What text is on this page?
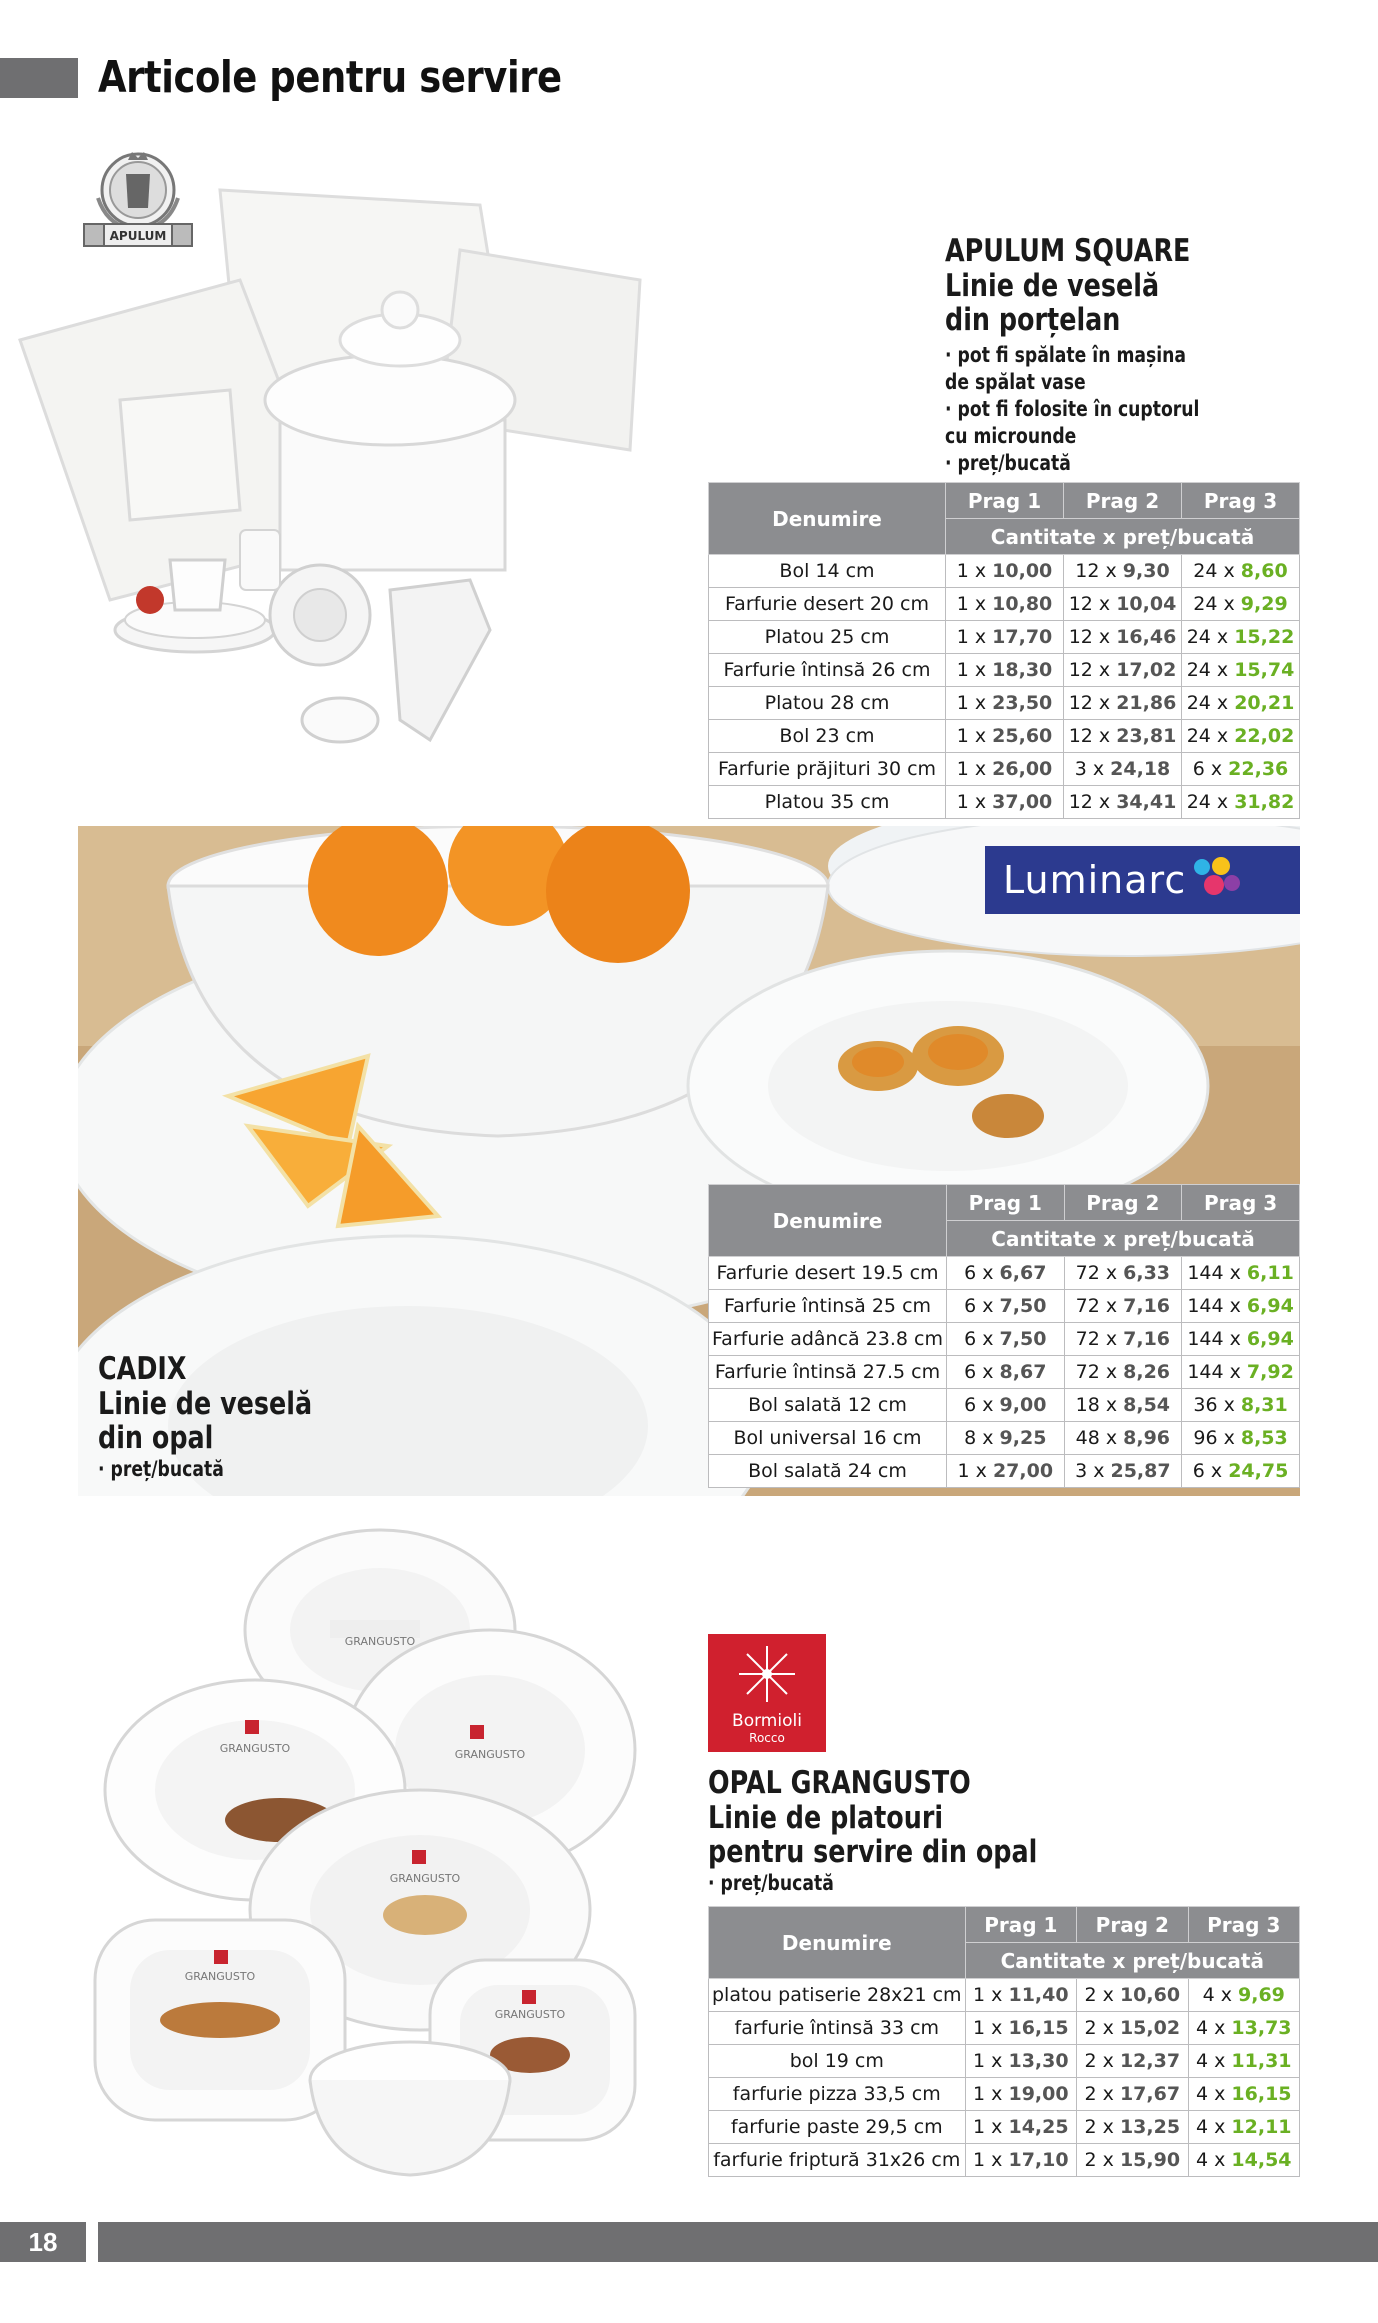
Articole pentru servire
APULUM	APULUM SQUARE
Linie de veselă
din porțelan
· pot fi spălate în mașina
de spălat vase
· pot fi folosite în cuptorul
cu microunde
· preț/bucată
Denumire	Prag 1	Prag 2	Prag 3
	Cantitate x preț/bucată		
Bol 14 cm	1 x 10,00	12 x 9,30	24 x 8,60
Farfurie desert 20 cm	1 x 10,80	12 x 10,04	24 x 9,29
Platou 25 cm	1 x 17,70	12 x 16,46	24 x 15,22
Farfurie întinsă 26 cm	1 x 18,30	12 x 17,02	24 x 15,74
Platou 28 cm	1 x 23,50	12 x 21,86	24 x 20,21
Bol 23 cm	1 x 25,60	12 x 23,81	24 x 22,02
Farfurie prăjituri 30 cm	1 x 26,00	3 x 24,18	6 x 22,36
Platou 35 cm	1 x 37,00	12 x 34,41	24 x 31,82
Luminarc
CADIX
Linie de veselă
din opal
· preț/bucată
Denumire	Prag 1	Prag 2	Prag 3
	Cantitate x preț/bucată		
Farfurie desert 19.5 cm	6 x 6,67	72 x 6,33	144 x 6,11
Farfurie întinsă 25 cm	6 x 7,50	72 x 7,16	144 x 6,94
Farfurie adâncă 23.8 cm	6 x 7,50	72 x 7,16	144 x 6,94
Farfurie întinsă 27.5 cm	6 x 8,67	72 x 8,26	144 x 7,92
Bol salată 12 cm	6 x 9,00	18 x 8,54	36 x 8,31
Bol universal 16 cm	8 x 9,25	48 x 8,96	96 x 8,53
Bol salată 24 cm	1 x 27,00	3 x 25,87	6 x 24,75
GRANGUSTO
GRANGUSTO
GRANGUSTO
GRANGUSTO
GRANGUSTO
GRANGUSTO
Bormioli
Rocco
OPAL GRANGUSTO
Linie de platouri
pentru servire din opal
· preț/bucată
Denumire	Prag 1	Prag 2	Prag 3
	Cantitate x preț/bucată		
platou patiserie 28x21 cm	1 x 11,40	2 x 10,60	4 x 9,69
farfurie întinsă 33 cm	1 x 16,15	2 x 15,02	4 x 13,73
bol 19 cm	1 x 13,30	2 x 12,37	4 x 11,31
farfurie pizza 33,5 cm	1 x 19,00	2 x 17,67	4 x 16,15
farfurie paste 29,5 cm	1 x 14,25	2 x 13,25	4 x 12,11
farfurie friptură 31x26 cm	1 x 17,10	2 x 15,90	4 x 14,54
18
